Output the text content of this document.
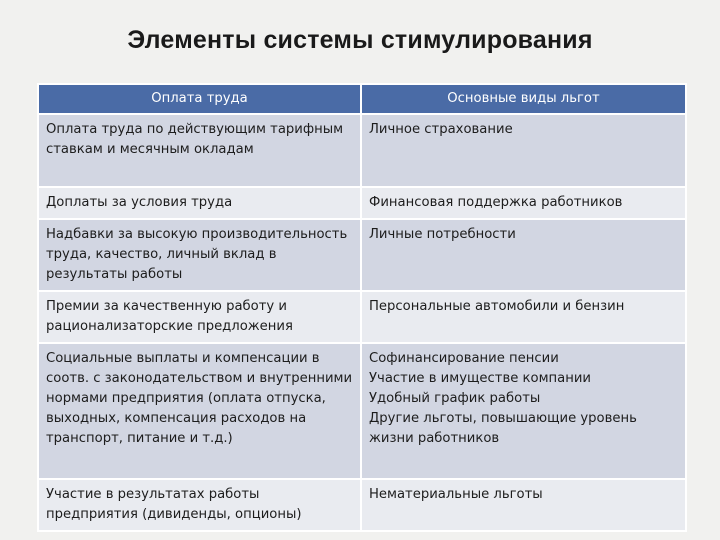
Элементы системы стимулирования
Оплата труда	Основные виды льгот
Оплата труда по действующим тарифным ставкам и месячным окладам	Личное страхование

Доплаты за условия труда	Финансовая поддержка работников

Надбавки за высокую производительность труда, качество, личный вклад в результаты работы	Личные потребности

Премии за качественную работу и рационализаторские предложения	Персональные автомобили и бензин

Социальные выплаты и компенсации в соотв. с законодательством и внутренними нормами предприятия (оплата отпуска, выходных, компенсация расходов на транспорт, питание и т.д.)	Софинансирование пенсии
Участие в имуществе компании
Удобный график работы
Другие льготы, повышающие уровень жизни работников

Участие в результатах работы предприятия (дивиденды, опционы)	Нематериальные льготы
